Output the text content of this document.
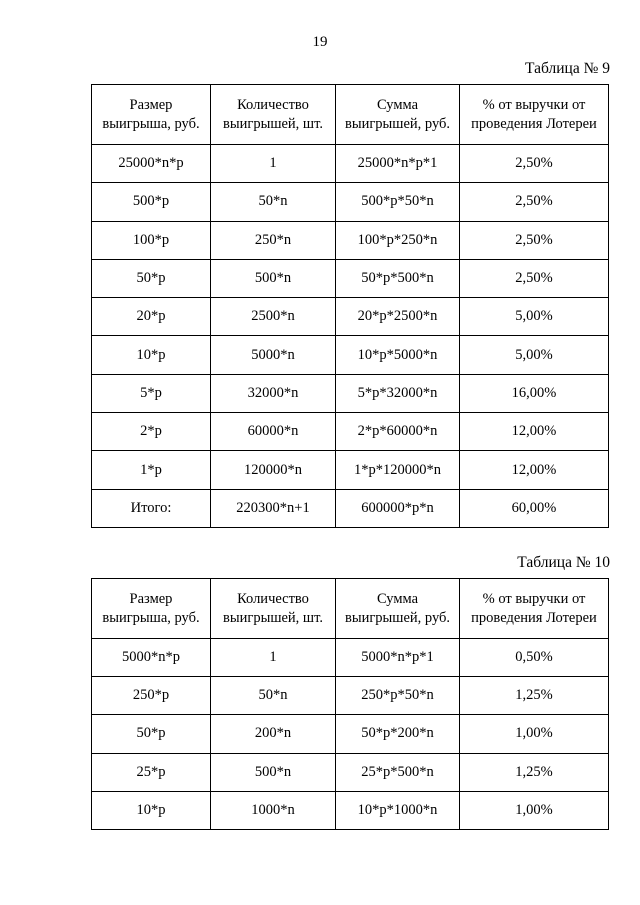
19
Таблица № 9
Размер выигрыша, руб.	Количество выигрышей, шт.	Сумма выигрышей, руб.	% от выручки от проведения Лотереи
25000*n*p	1	25000*n*p*1	2,50%
500*p	50*n	500*p*50*n	2,50%
100*p	250*n	100*p*250*n	2,50%
50*p	500*n	50*p*500*n	2,50%
20*p	2500*n	20*p*2500*n	5,00%
10*p	5000*n	10*p*5000*n	5,00%
5*p	32000*n	5*p*32000*n	16,00%
2*p	60000*n	2*p*60000*n	12,00%
1*p	120000*n	1*p*120000*n	12,00%
Итого:	220300*n+1	600000*p*n	60,00%
Таблица № 10
Размер выигрыша, руб.	Количество выигрышей, шт.	Сумма выигрышей, руб.	% от выручки от проведения Лотереи
5000*n*p	1	5000*n*p*1	0,50%
250*p	50*n	250*p*50*n	1,25%
50*p	200*n	50*p*200*n	1,00%
25*p	500*n	25*p*500*n	1,25%
10*p	1000*n	10*p*1000*n	1,00%
